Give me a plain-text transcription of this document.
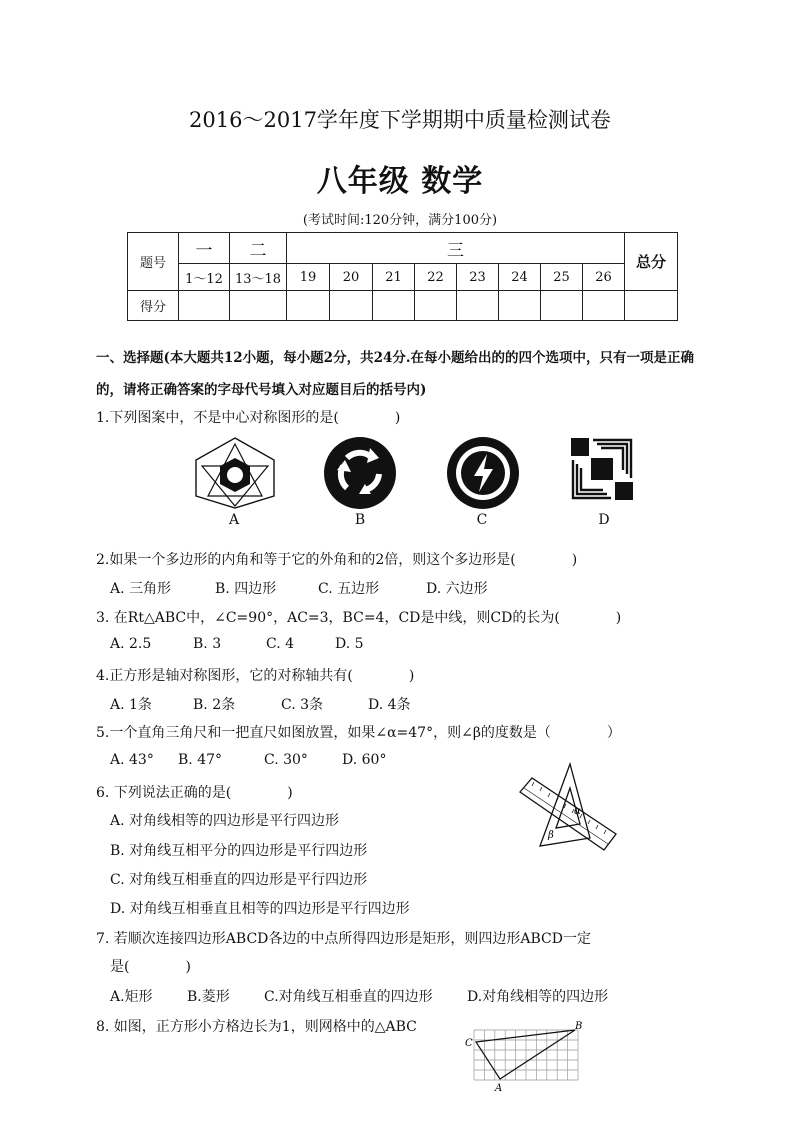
2016～2017学年度下学期期中质量检测试卷
八年级 数学
(考试时间:120分钟，满分100分)
题号	一	二	三								总分
	1～12	13～18	19	20	21	22	23	24	25	26	
得分											
一、选择题(本大题共12小题，每小题2分，共24分.在每小题给出的的四个选项中，只有一项是正确
的，请将正确答案的字母代号填入对应题目后的括号内)
1.下列图案中，不是中心对称图形的是(　　　　)
A	B	C	D
2.如果一个多边形的内角和等于它的外角和的2倍，则这个多边形是(　　　　)
A. 三角形	B. 四边形	C. 五边形	D. 六边形
3. 在Rt△ABC中，∠C=90°，AC=3，BC=4，CD是中线，则CD的长为(　　　　)
A. 2.5	B. 3	C. 4	D. 5
4.正方形是轴对称图形，它的对称轴共有(　　　　)
A. 1条	B. 2条	C. 3条	D. 4条
5.一个直角三角尺和一把直尺如图放置，如果∠α=47°，则∠β的度数是（　　　　）
A. 43° B. 47°	C. 30° D. 60°
α
β
6. 下列说法正确的是(　　　　)
A. 对角线相等的四边形是平行四边形
B. 对角线互相平分的四边形是平行四边形
C. 对角线互相垂直的四边形是平行四边形
D. 对角线互相垂直且相等的四边形是平行四边形
7. 若顺次连接四边形ABCD各边的中点所得四边形是矩形，则四边形ABCD一定
是(　　　　)
A.矩形 B.菱形 C.对角线互相垂直的四边形 D.对角线相等的四边形
8. 如图，正方形小方格边长为1，则网格中的△ABC
C
B
A
